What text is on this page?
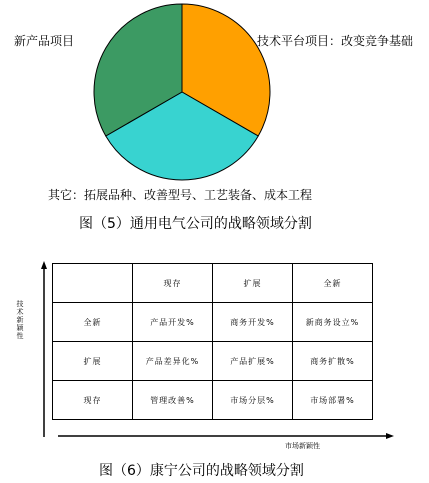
新产品项目	技术平台项目：改变竞争基础
其它：拓展品种、改善型号、工艺装备、成本工程
图（5）通用电气公司的战略领域分割
技术新颖性
市场新颖性
	现存	扩展	全新
全新	产品开发%	商务开发%	新商务设立%
扩展	产品差异化%	产品扩展%	商务扩散%
现存	管理改善%	市场分层%	市场部署%
图（6）康宁公司的战略领域分割
